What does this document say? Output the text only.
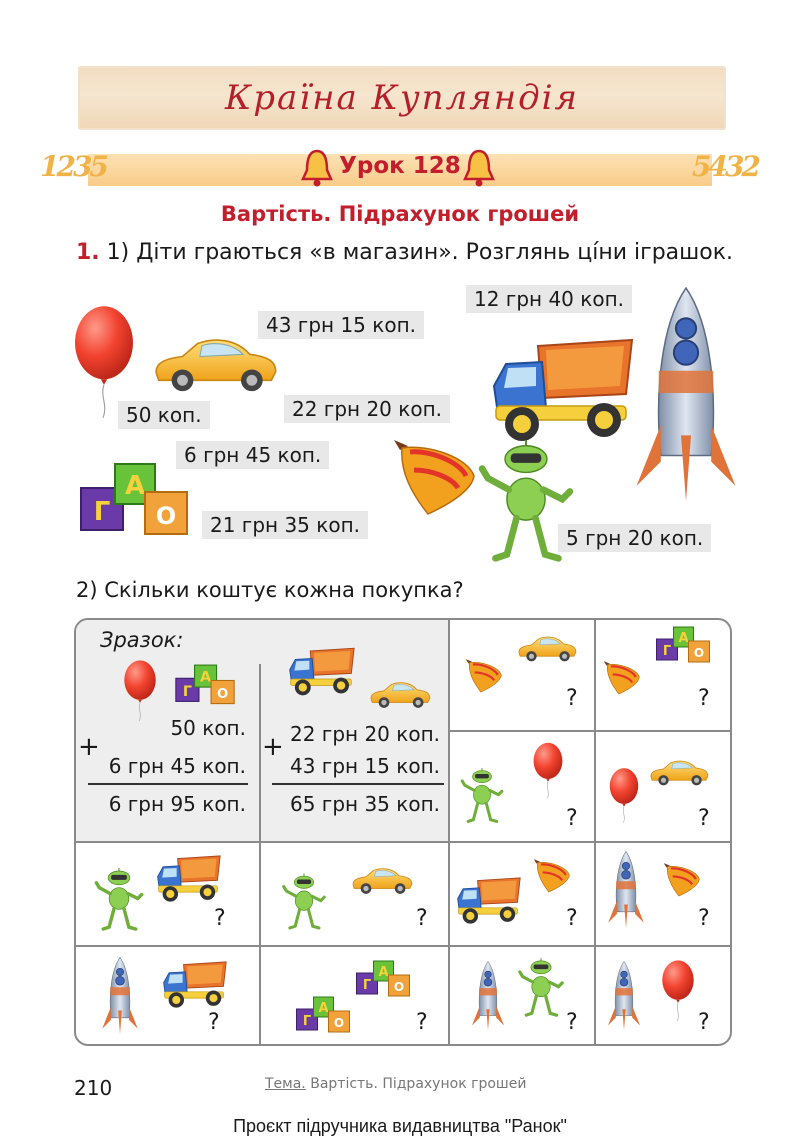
Країна Купляндія
1235	5432
Урок 128
Вартість. Підрахунок грошей
1. 1) Діти граються «в магазин». Розглянь ці́ни іграшок.
43 грн 15 коп.
50 коп.	22 грн 20 коп.
12 грн 40 коп.
6 грн 45 коп.
21 грн 35 коп.
5 грн 20 коп.
2) Скільки коштує кожна покупка?
Зразок:
50 коп.
+
6 грн 45 коп.
6 грн 95 коп.
22 грн 20 коп.
+
43 грн 15 коп.
65 грн 35 коп.
?	?
?	?
?	?	?	?
?	?	?	?
210	Тема. Вартість. Підрахунок грошей
Проєкт підручника видавництва "Ранок"
